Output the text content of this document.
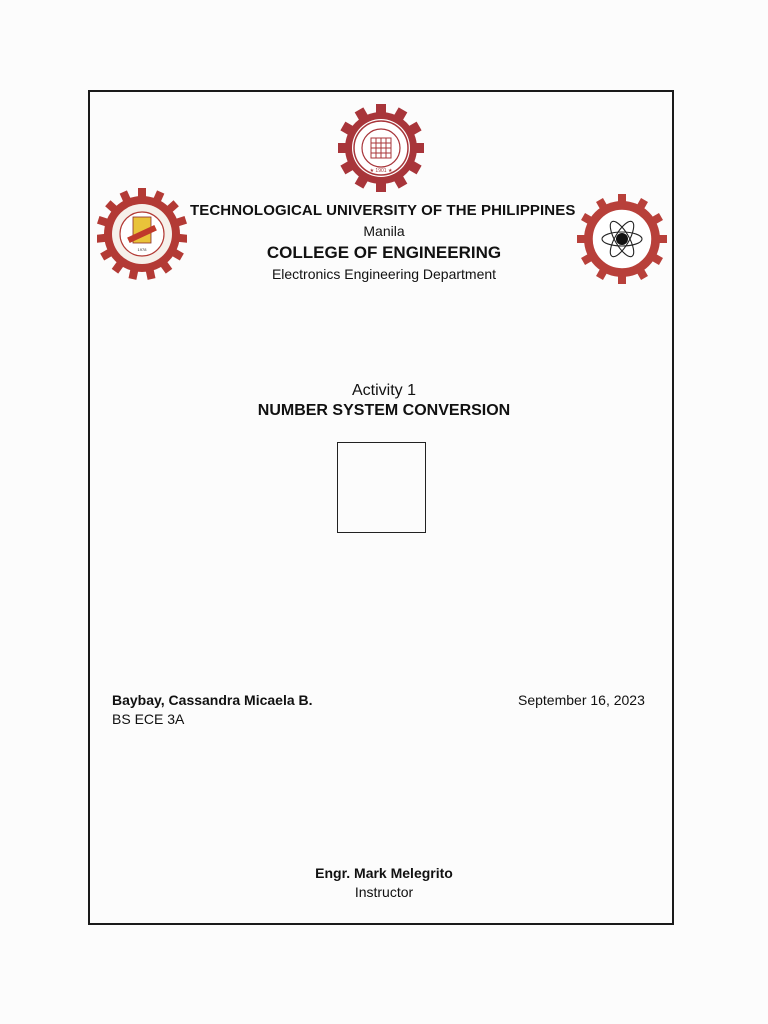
★ 1901 ★
1978
TECHNOLOGICAL UNIVERSITY OF THE PHILIPPINES
Manila
COLLEGE OF ENGINEERING
Electronics Engineering Department
Activity 1
NUMBER SYSTEM CONVERSION
Baybay, Cassandra Micaela B.
BS ECE 3A
September 16, 2023
Engr. Mark Melegrito
Instructor
